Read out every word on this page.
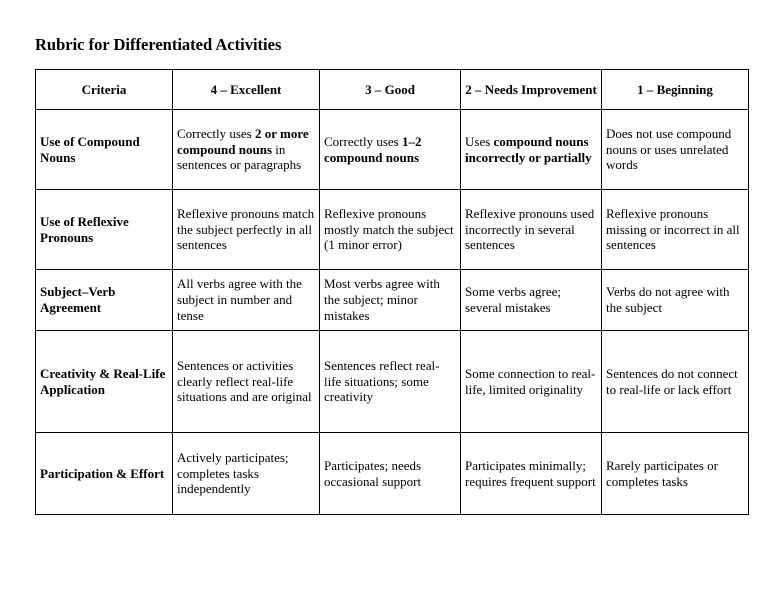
Rubric for Differentiated Activities
Criteria	4 – Excellent	3 – Good	2 – Needs Improvement	1 – Beginning
Use of Compound Nouns	Correctly uses 2 or more compound nouns in sentences or paragraphs	Correctly uses 1–2 compound nouns	Uses compound nouns incorrectly or partially	Does not use compound nouns or uses unrelated words
Use of Reflexive Pronouns	Reflexive pronouns match the subject perfectly in all sentences	Reflexive pronouns mostly match the subject (1 minor error)	Reflexive pronouns used incorrectly in several sentences	Reflexive pronouns missing or incorrect in all sentences
Subject–Verb Agreement	All verbs agree with the subject in number and tense	Most verbs agree with the subject; minor mistakes	Some verbs agree; several mistakes	Verbs do not agree with the subject
Creativity & Real-Life Application	Sentences or activities clearly reflect real-life situations and are original	Sentences reflect real-life situations; some creativity	Some connection to real-life, limited originality	Sentences do not connect to real-life or lack effort
Participation & Effort	Actively participates; completes tasks independently	Participates; needs occasional support	Participates minimally; requires frequent support	Rarely participates or completes tasks
